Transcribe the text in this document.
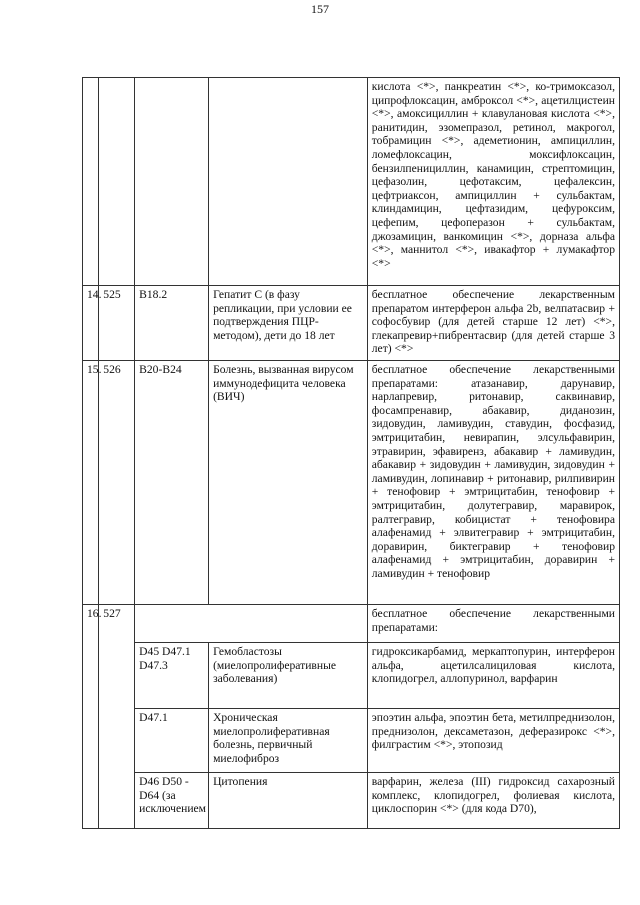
157
				кислота <*>, панкреатин <*>, ко-тримоксазол, ципрофлоксацин, амброксол <*>, ацетилцистеин <*>, амоксициллин + клавулановая кислота <*>, ранитидин, эзомепразол, ретинол, макрогол, тобрамицин <*>, адеметионин, ампициллин, ломефлоксацин, моксифлоксацин, бензилпенициллин, канамицин, стрептомицин, цефазолин, цефотаксим, цефалексин, цефтриаксон, ампициллин + сульбактам, клиндамицин, цефтазидим, цефуроксим, цефепим, цефоперазон + сульбактам, джозамицин, ванкомицин <*>, дорназа альфа <*>, маннитол <*>, ивакафтор + лумакафтор <*>
14.	525	B18.2	Гепатит С (в фазу репликации, при условии ее подтверждения ПЦР-методом), дети до 18 лет	бесплатное обеспечение лекарственным препаратом интерферон альфа 2b, велпатасвир + софосбувир (для детей старше 12 лет) <*>, глекапревир+пибрентасвир (для детей старше 3 лет) <*>
15.	526	B20-B24	Болезнь, вызванная вирусом иммунодефицита человека (ВИЧ)	бесплатное обеспечение лекарственными препаратами: атазанавир, дарунавир, нарлапревир, ритонавир, саквинавир, фосампренавир, абакавир, диданозин, зидовудин, ламивудин, ставудин, фосфазид, эмтрицитабин, невирапин, элсульфавирин, этравирин, эфавиренз, абакавир + ламивудин, абакавир + зидовудин + ламивудин, зидовудин + ламивудин, лопинавир + ритонавир, рилпивирин + тенофовир + эмтрицитабин, тенофовир + эмтрицитабин, долутегравир, маравирок, ралтегравир, кобицистат + тенофовира алафенамид + элвитегравир + эмтрицитабин, доравирин, биктегравир + тенофовир алафенамид + эмтрицитабин, доравирин + ламивудин + тенофовир
16.	527			бесплатное обеспечение лекарственными препаратами:
		D45 D47.1 D47.3	Гемобластозы (миелопролиферативные заболевания)	гидроксикарбамид, меркаптопурин, интерферон альфа, ацетилсалициловая кислота, клопидогрел, аллопуринол, варфарин
		D47.1	Хроническая миелопролиферативная болезнь, первичный миелофиброз	эпоэтин альфа, эпоэтин бета, метилпреднизолон, преднизолон, дексаметазон, деферазирокс <*>, филграстим <*>, этопозид
		D46 D50 - D64 (за исключением	Цитопения	варфарин, железа (III) гидроксид сахарозный комплекс, клопидогрел, фолиевая кислота, циклоспорин <*> (для кода D70),
